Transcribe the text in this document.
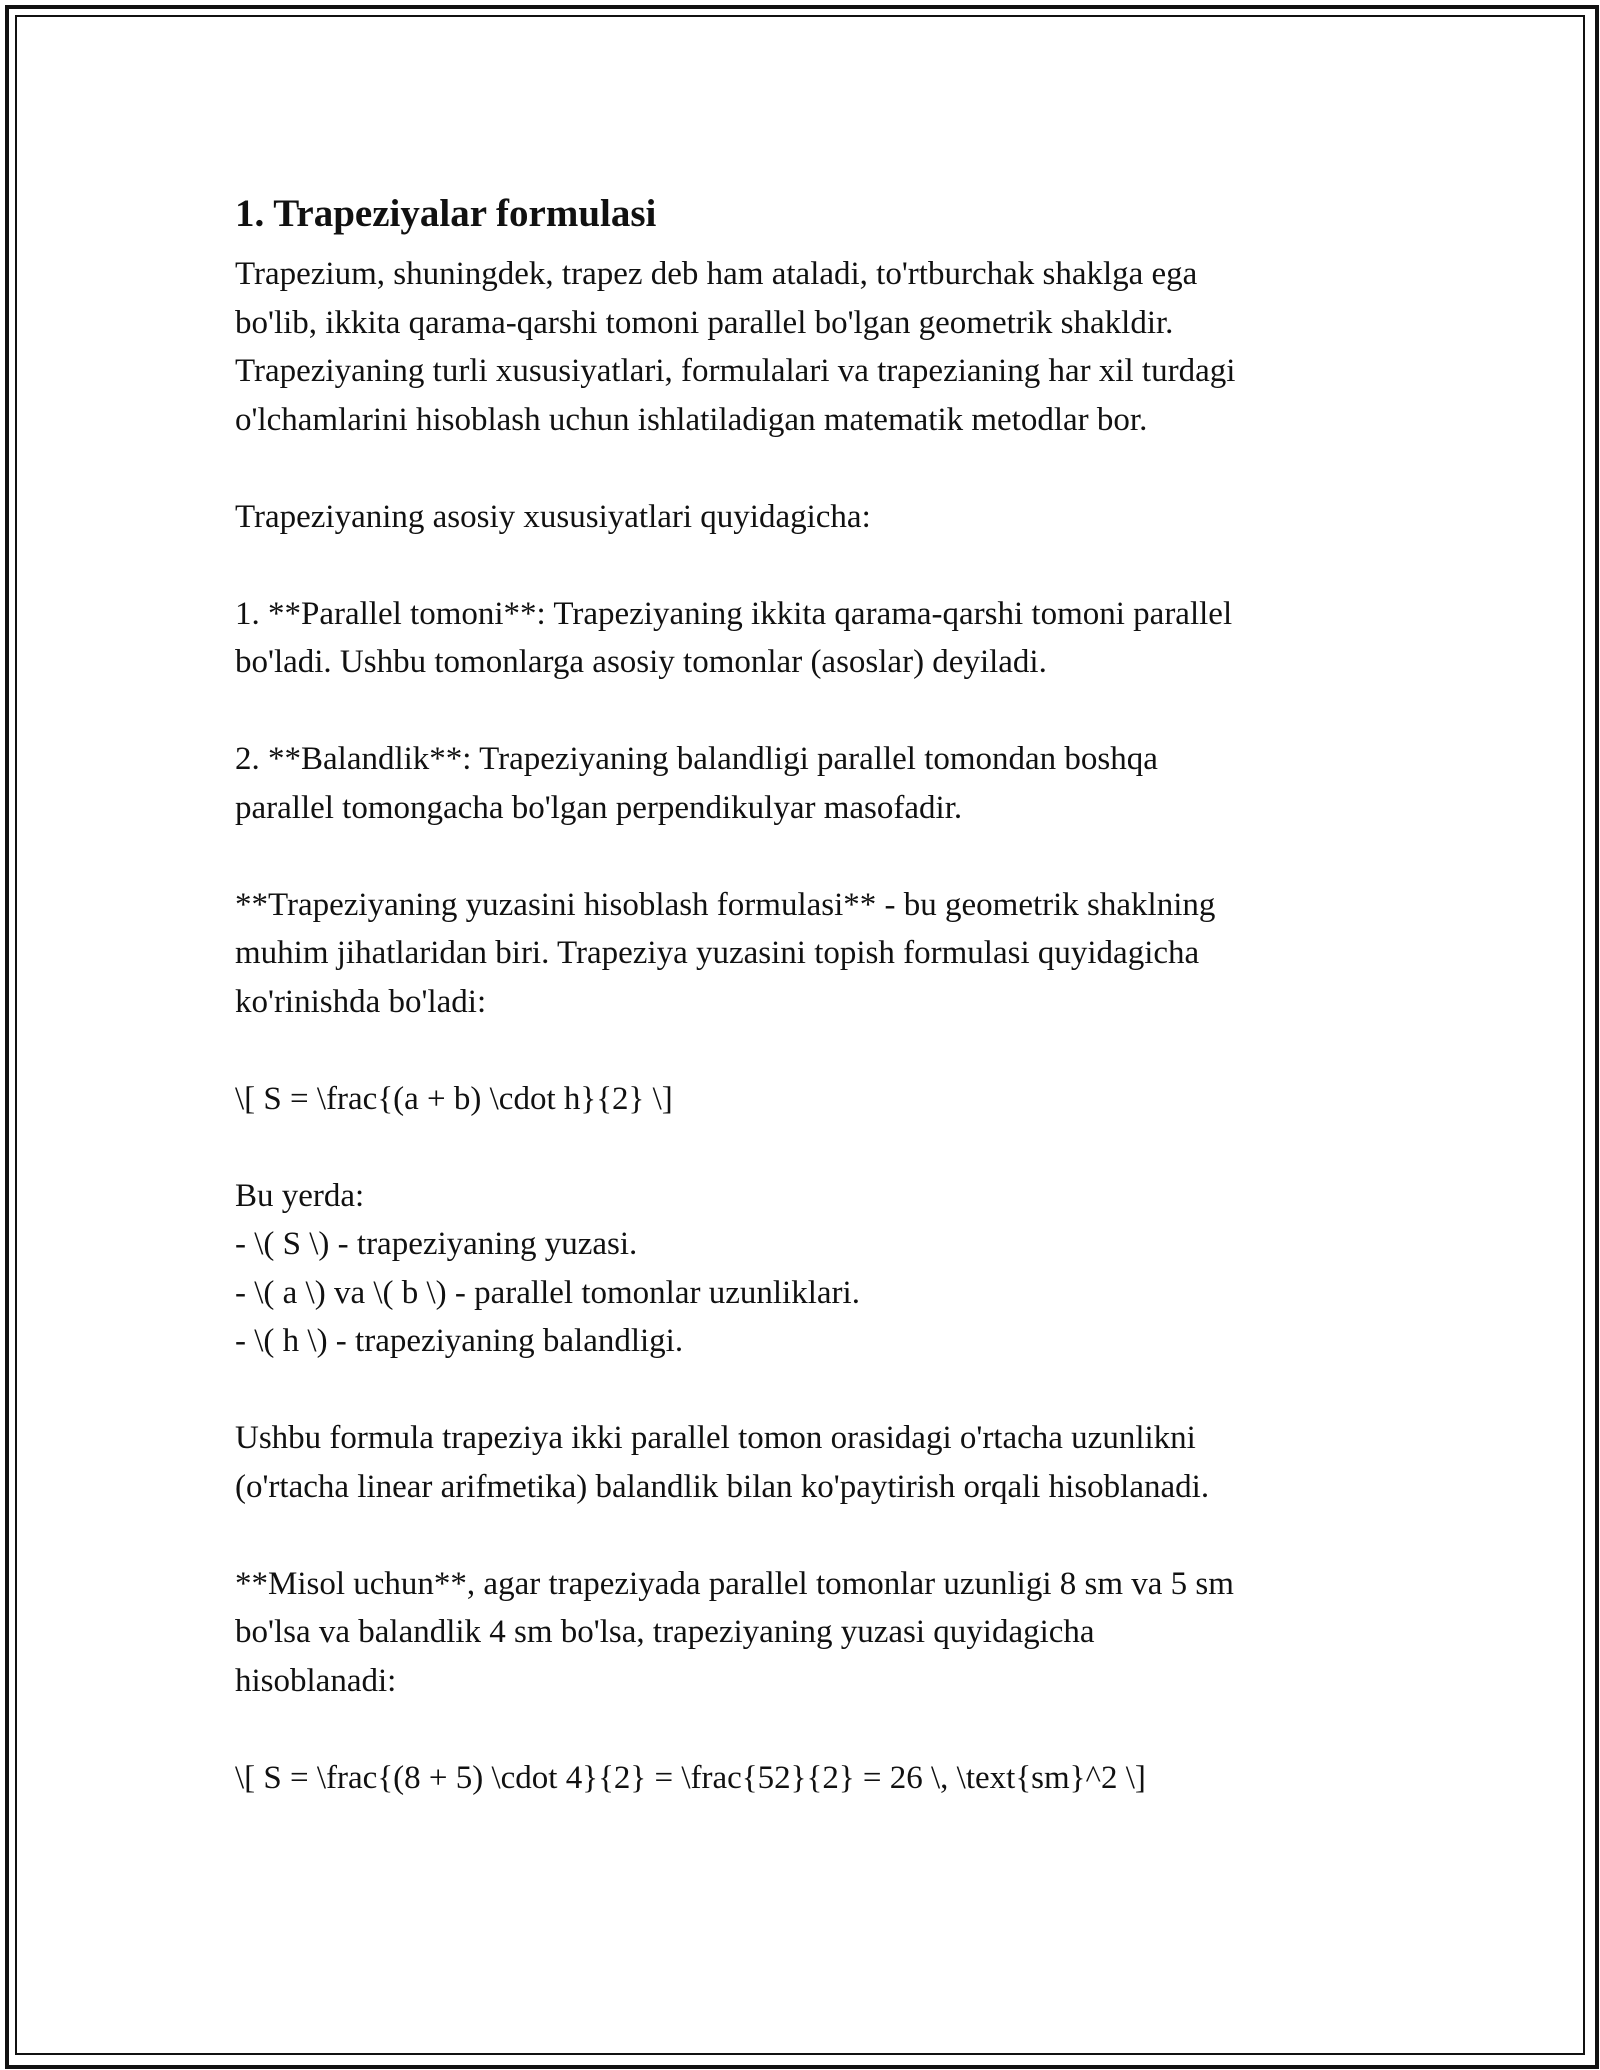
1. Trapeziyalar formulasi
Trapezium, shuningdek, trapez deb ham ataladi, to'rtburchak shaklga ega
bo'lib, ikkita qarama-qarshi tomoni parallel bo'lgan geometrik shakldir.
Trapeziyaning turli xususiyatlari, formulalari va trapezianing har xil turdagi
o'lchamlarini hisoblash uchun ishlatiladigan matematik metodlar bor.
Trapeziyaning asosiy xususiyatlari quyidagicha:
1. **Parallel tomoni**: Trapeziyaning ikkita qarama-qarshi tomoni parallel
bo'ladi. Ushbu tomonlarga asosiy tomonlar (asoslar) deyiladi.
2. **Balandlik**: Trapeziyaning balandligi parallel tomondan boshqa
parallel tomongacha bo'lgan perpendikulyar masofadir.
**Trapeziyaning yuzasini hisoblash formulasi** - bu geometrik shaklning
muhim jihatlaridan biri. Trapeziya yuzasini topish formulasi quyidagicha
ko'rinishda bo'ladi:
\[ S = \frac{(a + b) \cdot h}{2} \]
Bu yerda:
- \( S \) - trapeziyaning yuzasi.
- \( a \) va \( b \) - parallel tomonlar uzunliklari.
- \( h \) - trapeziyaning balandligi.
Ushbu formula trapeziya ikki parallel tomon orasidagi o'rtacha uzunlikni
(o'rtacha linear arifmetika) balandlik bilan ko'paytirish orqali hisoblanadi.
**Misol uchun**, agar trapeziyada parallel tomonlar uzunligi 8 sm va 5 sm
bo'lsa va balandlik 4 sm bo'lsa, trapeziyaning yuzasi quyidagicha
hisoblanadi:
\[ S = \frac{(8 + 5) \cdot 4}{2} = \frac{52}{2} = 26 \, \text{sm}^2 \]
